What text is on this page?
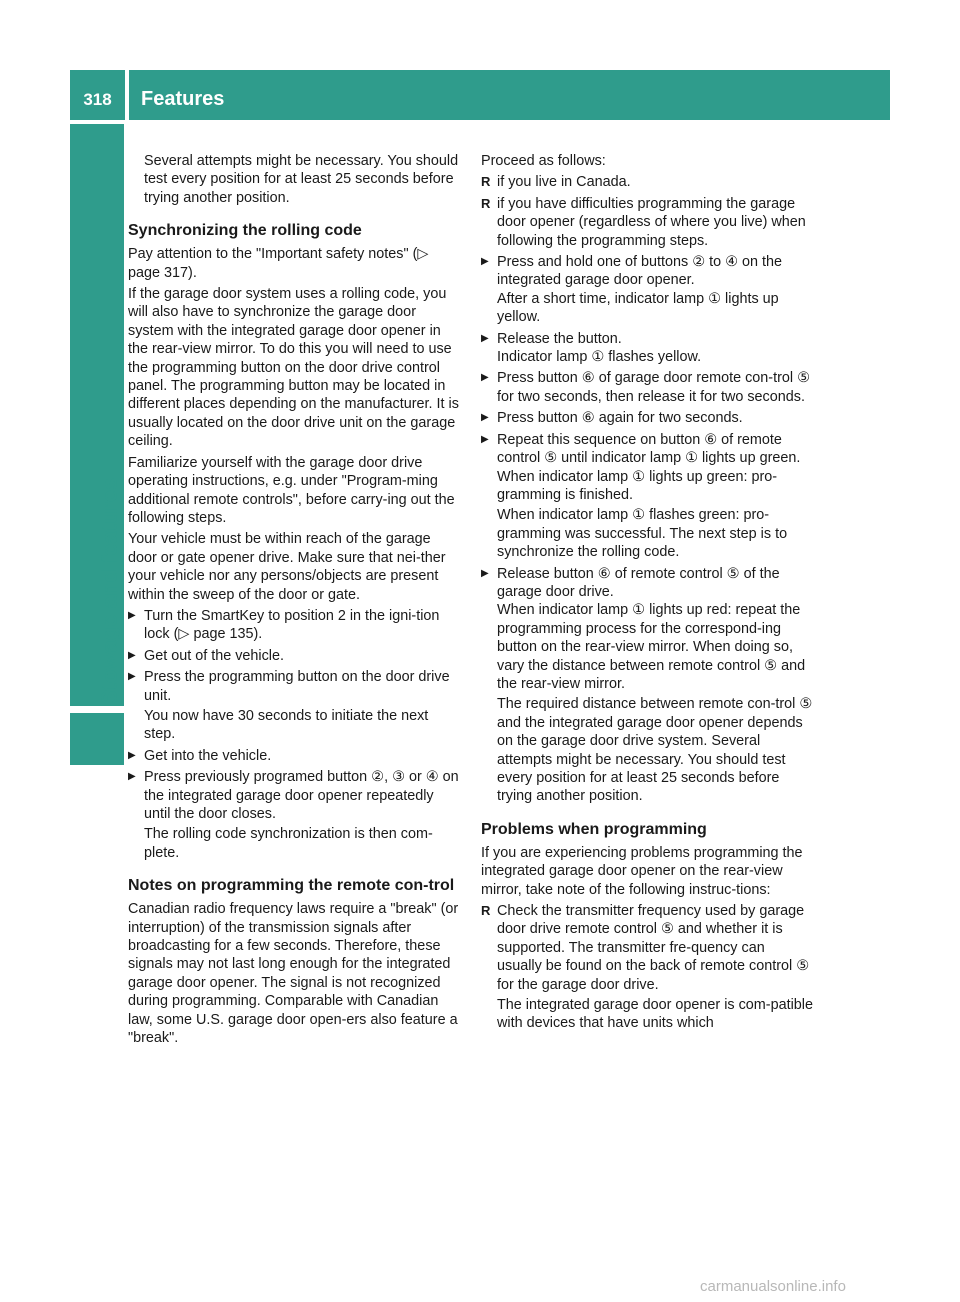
318	Features
Stowage and features

Several attempts might be necessary. You should test every position for at least 25 seconds before trying another position.

Synchronizing the rolling code

Pay attention to the "Important safety notes" (▷ page 317).

If the garage door system uses a rolling code, you will also have to synchronize the garage door system with the integrated garage door opener in the rear-view mirror. To do this you will need to use the programming button on the door drive control panel. The programming button may be located in different places depending on the manufacturer. It is usually located on the door drive unit on the garage ceiling.

Familiarize yourself with the garage door drive operating instructions, e.g. under "Program-ming additional remote controls", before carry-ing out the following steps.

Your vehicle must be within reach of the garage door or gate opener drive. Make sure that nei-ther your vehicle nor any persons/objects are present within the sweep of the door or gate.

▶ Turn the SmartKey to position 2 in the igni-tion lock (▷ page 135).
▶ Get out of the vehicle.
▶ Press the programming button on the door drive unit.
You now have 30 seconds to initiate the next step.
▶ Get into the vehicle.
▶ Press previously programed button ②, ③ or ④ on the integrated garage door opener repeatedly until the door closes.
The rolling code synchronization is then com-plete.
Notes on programming the remote con-trol

Canadian radio frequency laws require a "break" (or interruption) of the transmission signals after broadcasting for a few seconds. Therefore, these signals may not last long enough for the integrated garage door opener. The signal is not recognized during programming. Comparable with Canadian law, some U.S. garage door open-ers also feature a "break".

Proceed as follows:

R if you live in Canada.
R if you have difficulties programming the garage door opener (regardless of where you live) when following the programming steps.
▶ Press and hold one of buttons ② to ④ on the integrated garage door opener.
After a short time, indicator lamp ① lights up yellow.
▶ Release the button.
Indicator lamp ① flashes yellow.
▶ Press button ⑥ of garage door remote con-trol ⑤ for two seconds, then release it for two seconds.
▶ Press button ⑥ again for two seconds.
▶ Repeat this sequence on button ⑥ of remote control ⑤ until indicator lamp ① lights up green.
When indicator lamp ① lights up green: pro-gramming is finished.
When indicator lamp ① flashes green: pro-gramming was successful. The next step is to synchronize the rolling code.
▶ Release button ⑥ of remote control ⑤ of the garage door drive.
When indicator lamp ① lights up red: repeat the programming process for the correspond-ing button on the rear-view mirror. When doing so, vary the distance between remote control ⑤ and the rear-view mirror.
The required distance between remote con-trol ⑤ and the integrated garage door opener depends on the garage door drive system. Several attempts might be necessary. You should test every position for at least 25 seconds before trying another position.
Problems when programming

If you are experiencing problems programming the integrated garage door opener on the rear-view mirror, take note of the following instruc-tions:

R Check the transmitter frequency used by garage door drive remote control ⑤ and whether it is supported. The transmitter fre-quency can usually be found on the back of remote control ⑤ for the garage door drive.
The integrated garage door opener is com-patible with devices that have units which
carmanualsonline.info
